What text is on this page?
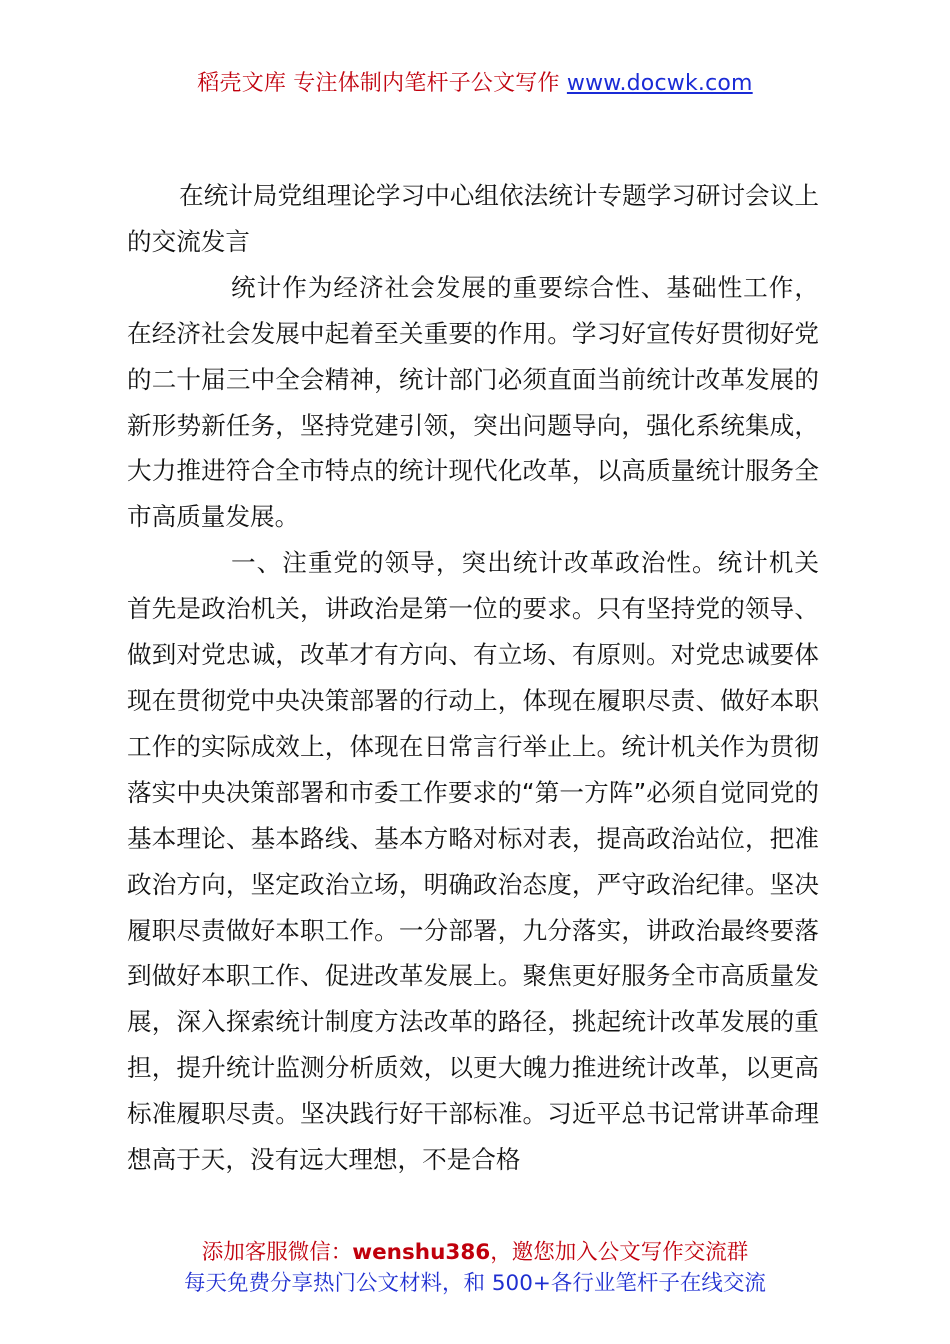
稻壳文库 专注体制内笔杆子公文写作 www.docwk.com

在统计局党组理论学习中心组依法统计专题学习研讨会议上的交流发言

统计作为经济社会发展的重要综合性、基础性工作，在经济社会发展中起着至关重要的作用。学习好宣传好贯彻好党的二十届三中全会精神，统计部门必须直面当前统计改革发展的新形势新任务，坚持党建引领，突出问题导向，强化系统集成，大力推进符合全市特点的统计现代化改革，以高质量统计服务全市高质量发展。

一、注重党的领导，突出统计改革政治性。统计机关首先是政治机关，讲政治是第一位的要求。只有坚持党的领导、做到对党忠诚，改革才有方向、有立场、有原则。对党忠诚要体现在贯彻党中央决策部署的行动上，体现在履职尽责、做好本职工作的实际成效上，体现在日常言行举止上。统计机关作为贯彻落实中央决策部署和市委工作要求的“第一方阵”必须自觉同党的基本理论、基本路线、基本方略对标对表，提高政治站位，把准政治方向，坚定政治立场，明确政治态度，严守政治纪律。坚决履职尽责做好本职工作。一分部署，九分落实，讲政治最终要落到做好本职工作、促进改革发展上。聚焦更好服务全市高质量发展，深入探索统计制度方法改革的路径，挑起统计改革发展的重担，提升统计监测分析质效，以更大魄力推进统计改革，以更高标准履职尽责。坚决践行好干部标准。习近平总书记常讲革命理想高于天，没有远大理想，不是合格

添加客服微信：wenshu386，邀您加入公文写作交流群
每天免费分享热门公文材料，和 500+各行业笔杆子在线交流
